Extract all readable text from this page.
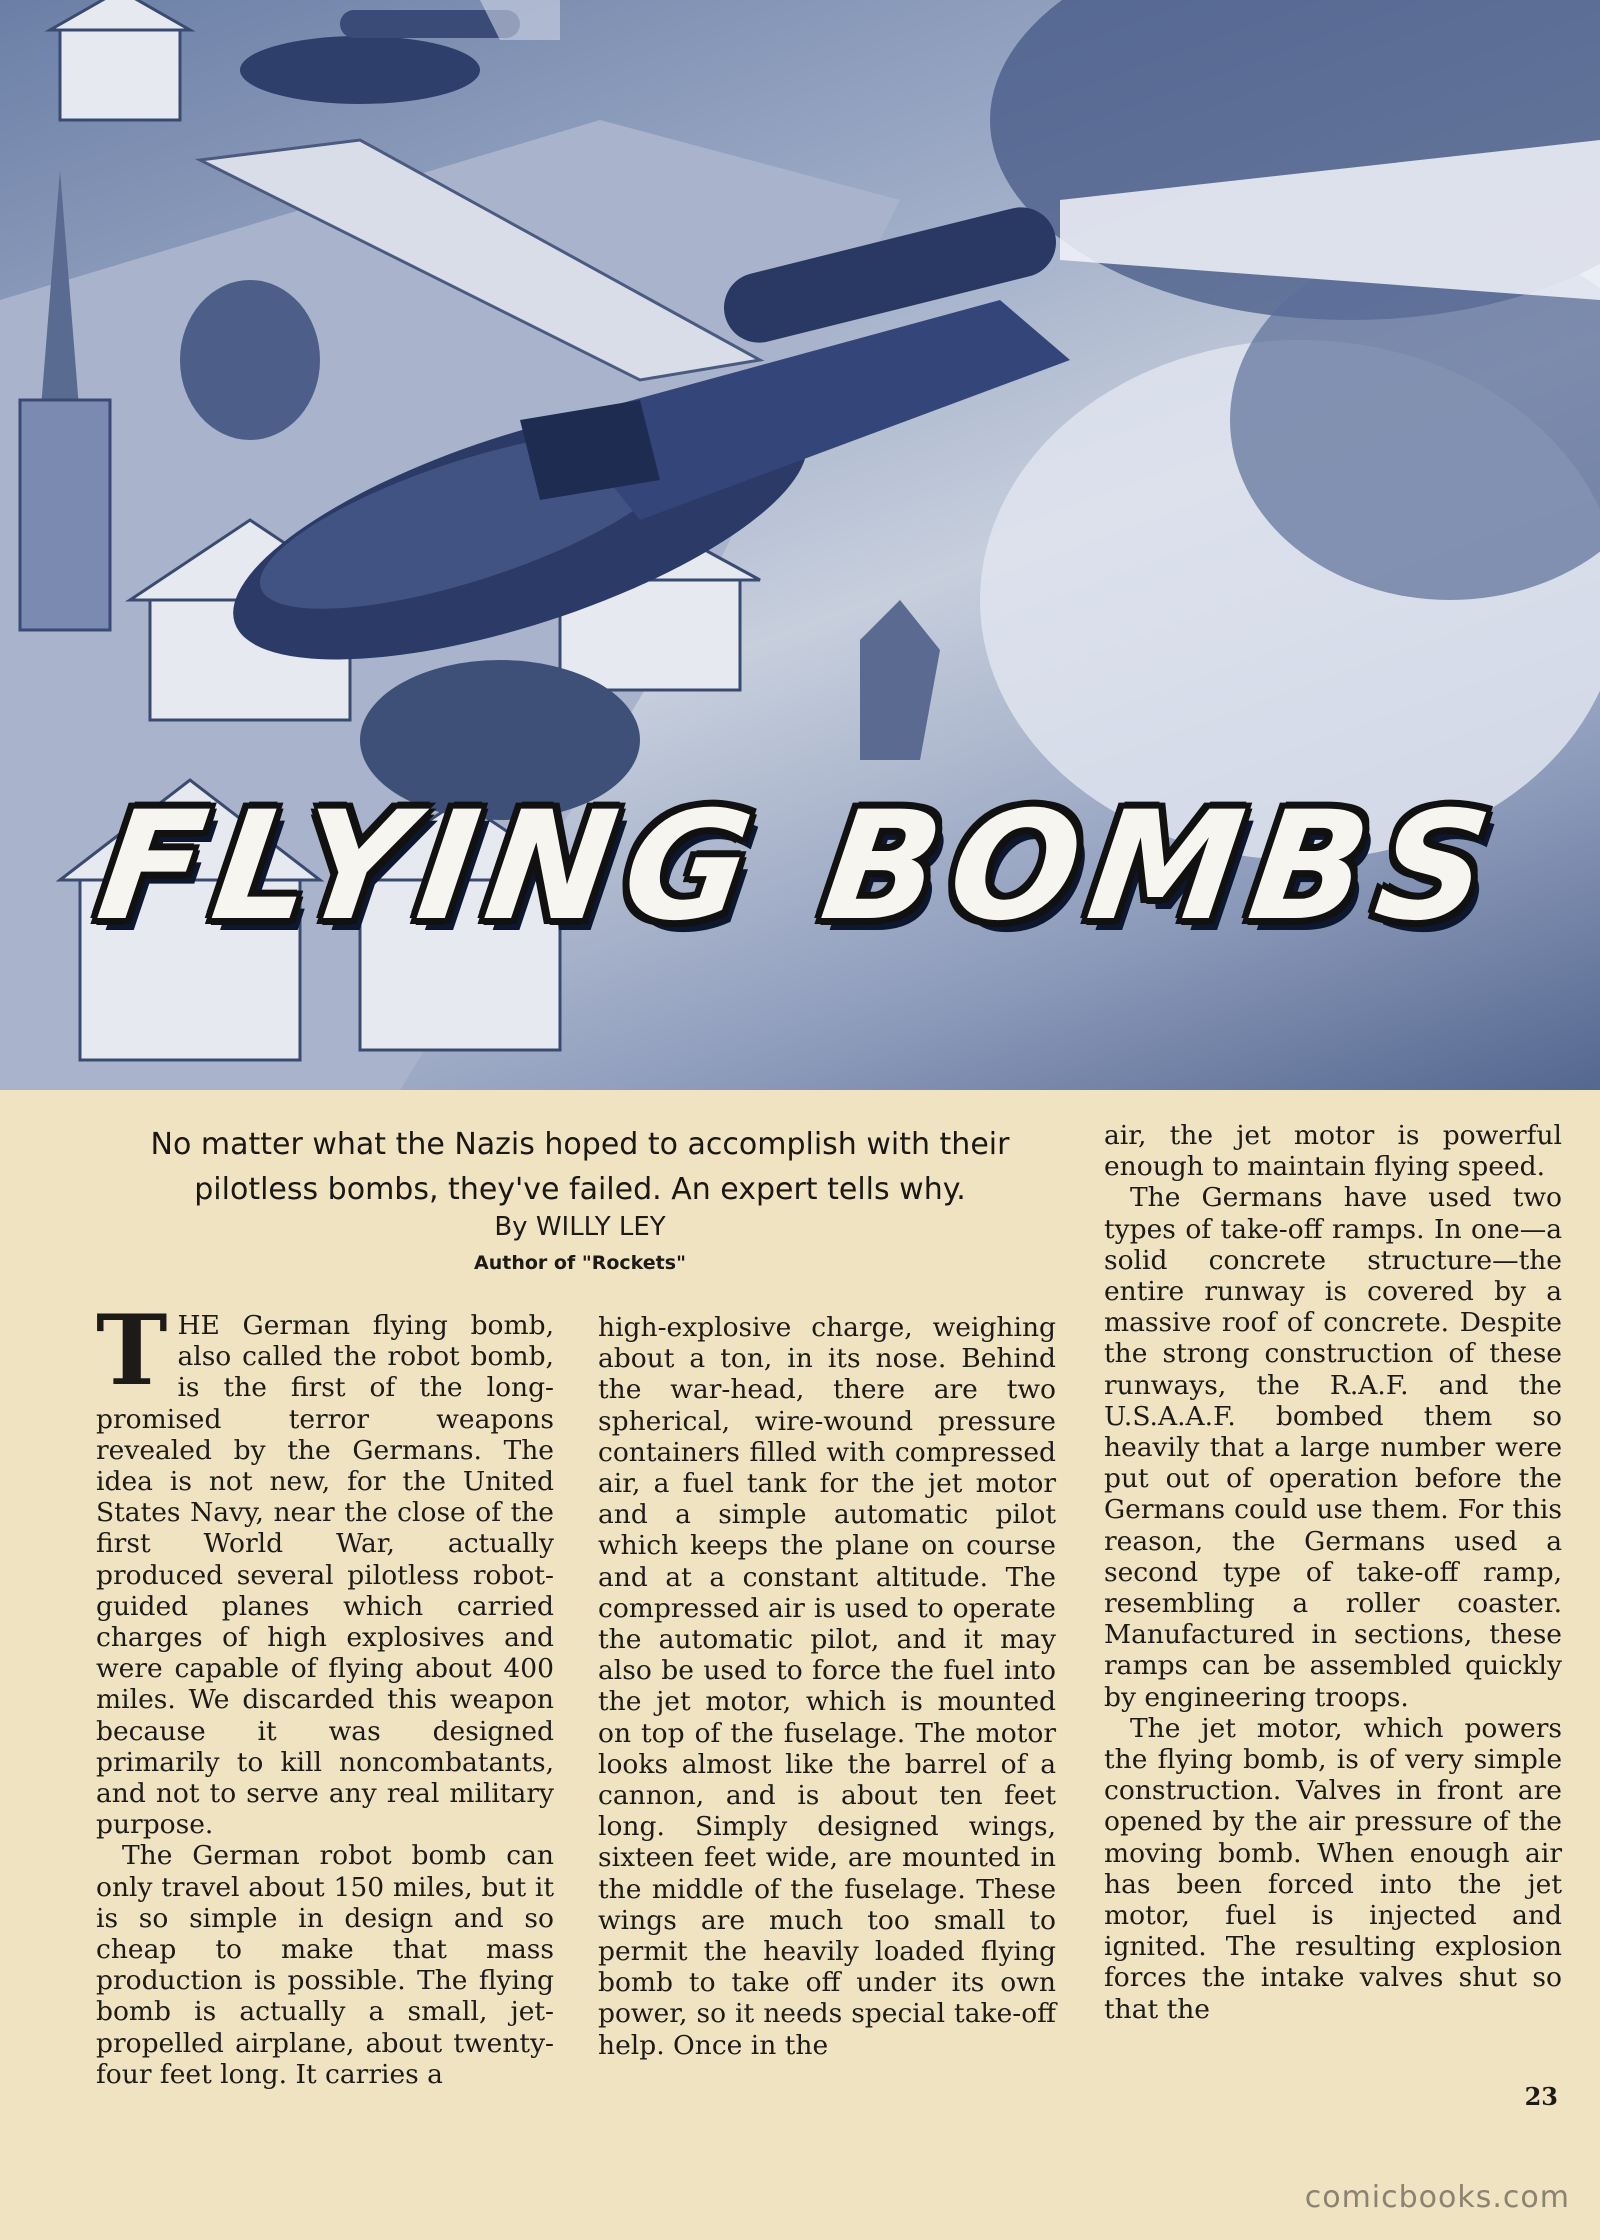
FLYING BOMBS
No matter what the Nazis hoped to accomplish with their pilotless bombs, they've failed. An expert tells why.
By WILLY LEY
Author of "Rockets"

THE German flying bomb, also called the robot bomb, is the first of the long-promised terror weapons revealed by the Germans. The idea is not new, for the United States Navy, near the close of the first World War, actually produced several pilotless robot-guided planes which carried charges of high explosives and were capable of flying about 400 miles. We discarded this weapon because it was designed primarily to kill noncombatants, and not to serve any real military purpose.

The German robot bomb can only travel about 150 miles, but it is so simple in design and so cheap to make that mass production is possible. The flying bomb is actually a small, jet-propelled airplane, about twenty-four feet long. It carries a

high-explosive charge, weighing about a ton, in its nose. Behind the war-head, there are two spherical, wire-wound pressure containers filled with compressed air, a fuel tank for the jet motor and a simple automatic pilot which keeps the plane on course and at a constant altitude. The compressed air is used to operate the automatic pilot, and it may also be used to force the fuel into the jet motor, which is mounted on top of the fuselage. The motor looks almost like the barrel of a cannon, and is about ten feet long. Simply designed wings, sixteen feet wide, are mounted in the middle of the fuselage. These wings are much too small to permit the heavily loaded flying bomb to take off under its own power, so it needs special take-off help. Once in the

air, the jet motor is powerful enough to maintain flying speed.

The Germans have used two types of take-off ramps. In one—a solid concrete structure—the entire runway is covered by a massive roof of concrete. Despite the strong construction of these runways, the R.A.F. and the U.S.A.A.F. bombed them so heavily that a large number were put out of operation before the Germans could use them. For this reason, the Germans used a second type of take-off ramp, resembling a roller coaster. Manufactured in sections, these ramps can be assembled quickly by engineering troops.

The jet motor, which powers the flying bomb, is of very simple construction. Valves in front are opened by the air pressure of the moving bomb. When enough air has been forced into the jet motor, fuel is injected and ignited. The resulting explosion forces the intake valves shut so that the

23
comicbooks.com
